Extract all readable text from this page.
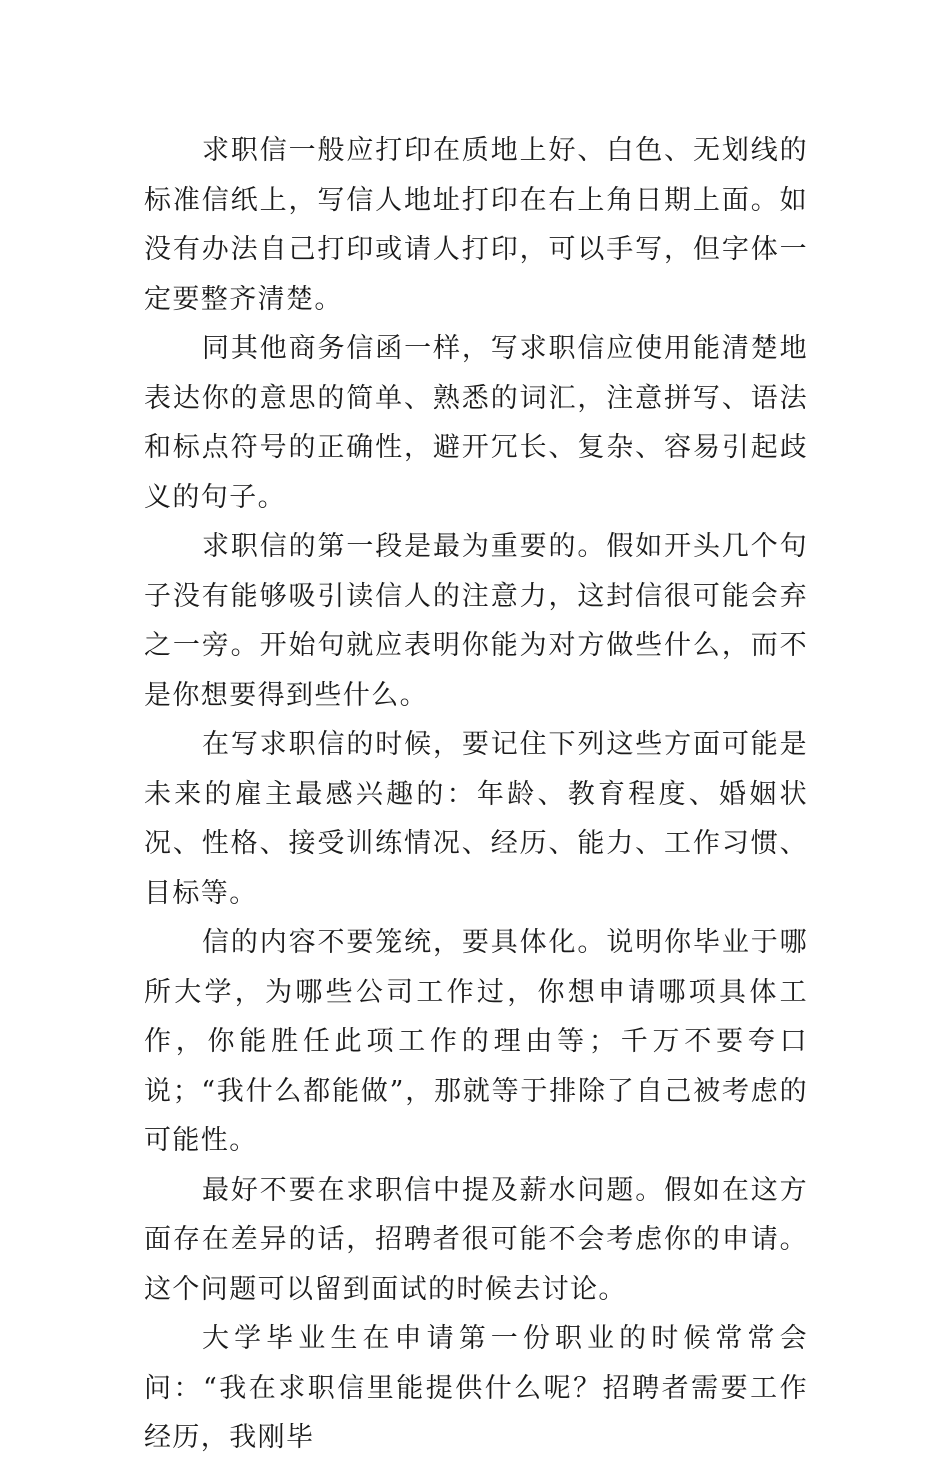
求职信一般应打印在质地上好、白色、无划线的标准信纸上，写信人地址打印在右上角日期上面。如没有办法自己打印或请人打印，可以手写，但字体一定要整齐清楚。

同其他商务信函一样，写求职信应使用能清楚地表达你的意思的简单、熟悉的词汇，注意拼写、语法和标点符号的正确性，避开冗长、复杂、容易引起歧义的句子。

求职信的第一段是最为重要的。假如开头几个句子没有能够吸引读信人的注意力，这封信很可能会弃之一旁。开始句就应表明你能为对方做些什么，而不是你想要得到些什么。

在写求职信的时候，要记住下列这些方面可能是未来的雇主最感兴趣的：年龄、教育程度、婚姻状况、性格、接受训练情况、经历、能力、工作习惯、目标等。

信的内容不要笼统，要具体化。说明你毕业于哪所大学，为哪些公司工作过，你想申请哪项具体工作，你能胜任此项工作的理由等；千万不要夸口说；“我什么都能做”，那就等于排除了自己被考虑的可能性。

最好不要在求职信中提及薪水问题。假如在这方面存在差异的话，招聘者很可能不会考虑你的申请。这个问题可以留到面试的时候去讨论。

大学毕业生在申请第一份职业的时候常常会问：“我在求职信里能提供什么呢？招聘者需要工作经历，我刚毕
